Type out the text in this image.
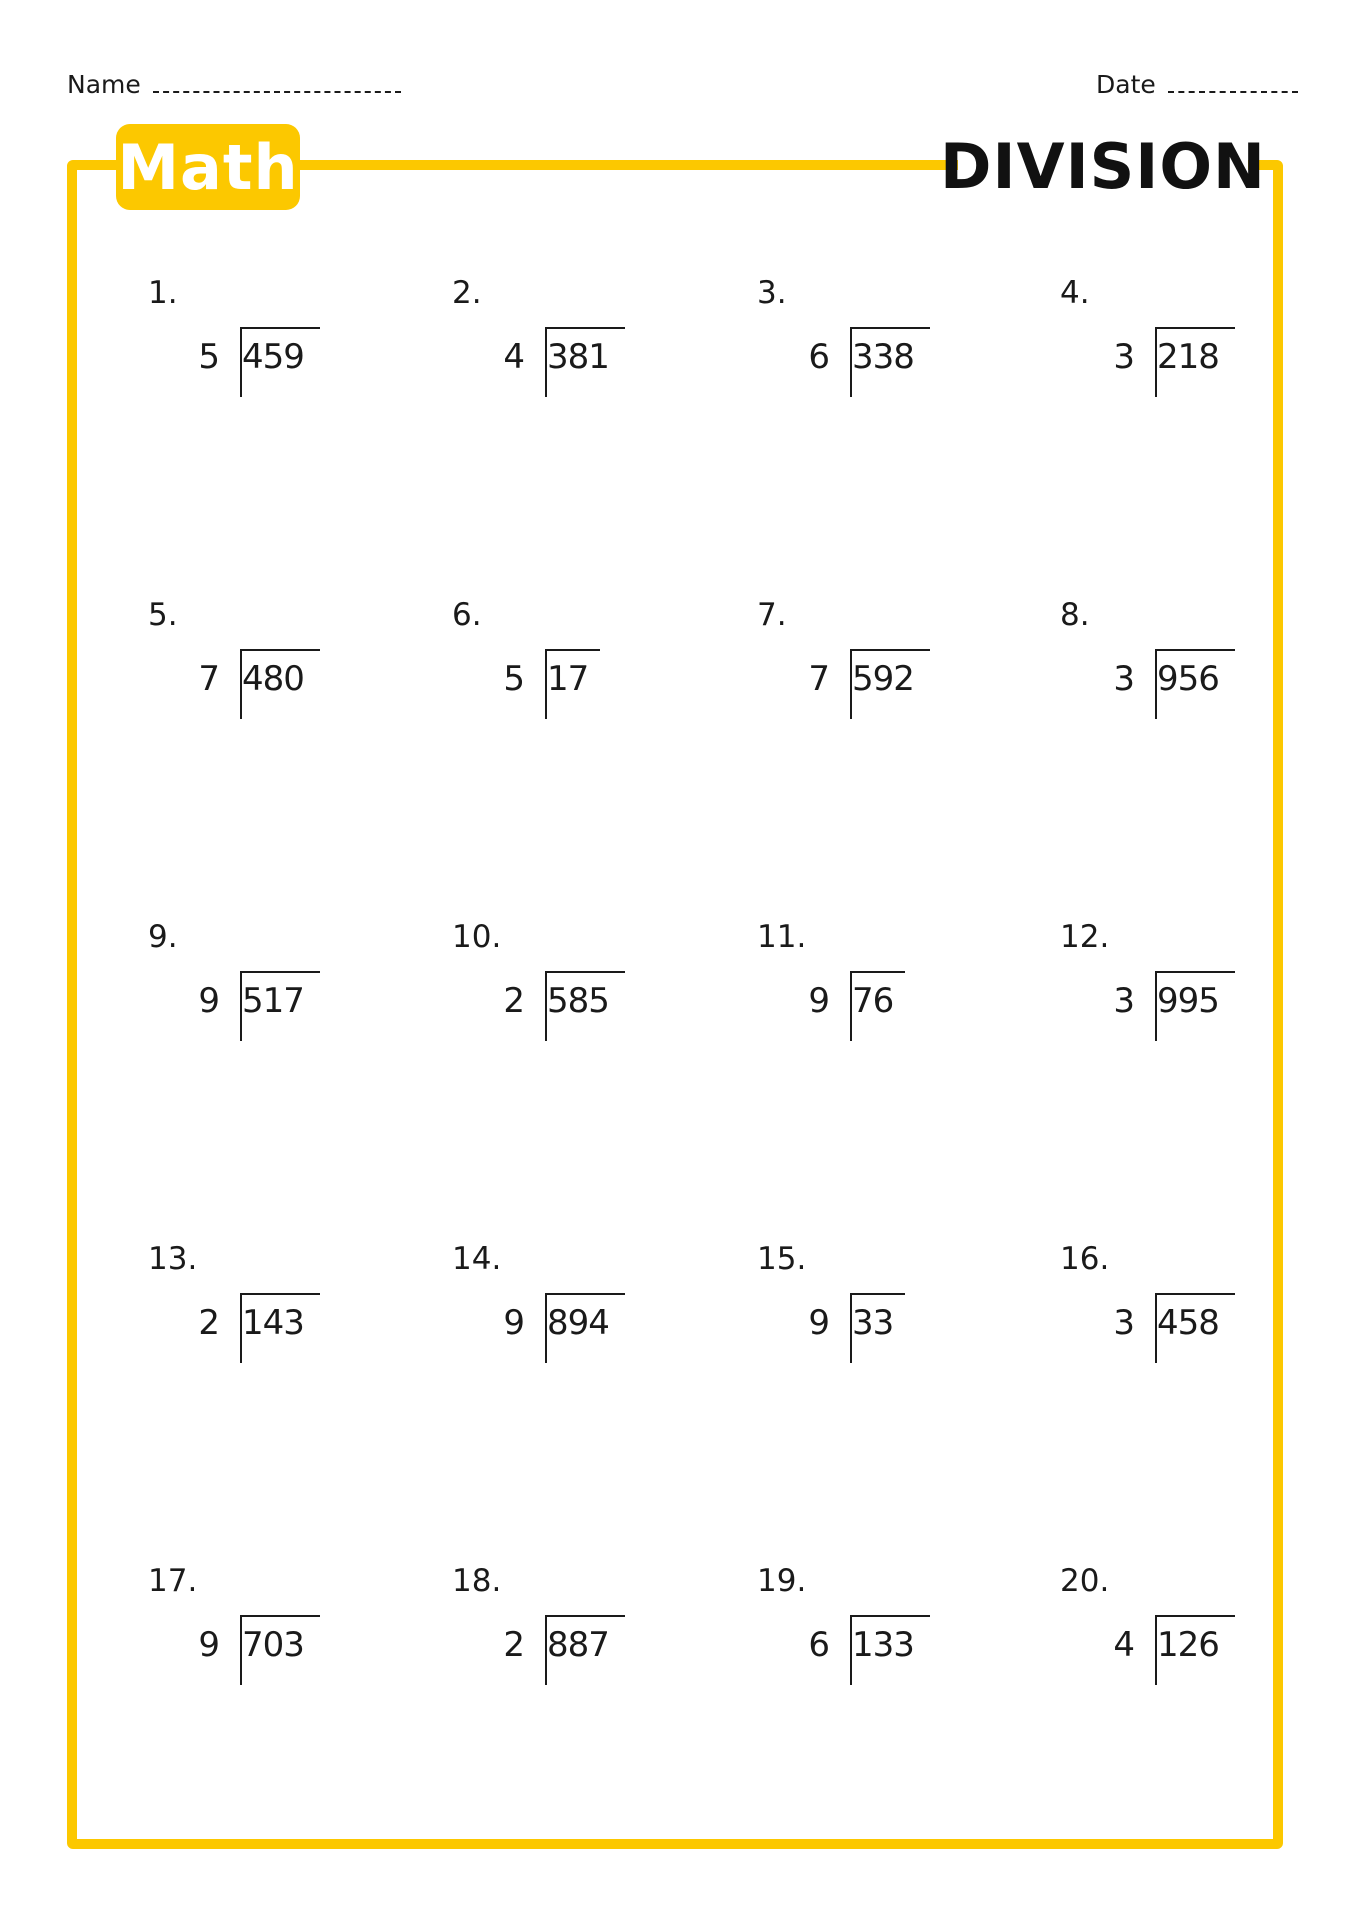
Name	Date
Math	DIVISION
1.
5 459
2.
4 381
3.
6 338
4.
3 218
5.
7 480
6.
5 17
7.
7 592
8.
3 956
9.
9 517
10.
2 585
11.
9 76
12.
3 995
13.
2 143
14.
9 894
15.
9 33
16.
3 458
17.
9 703
18.
2 887
19.
6 133
20.
4 126
